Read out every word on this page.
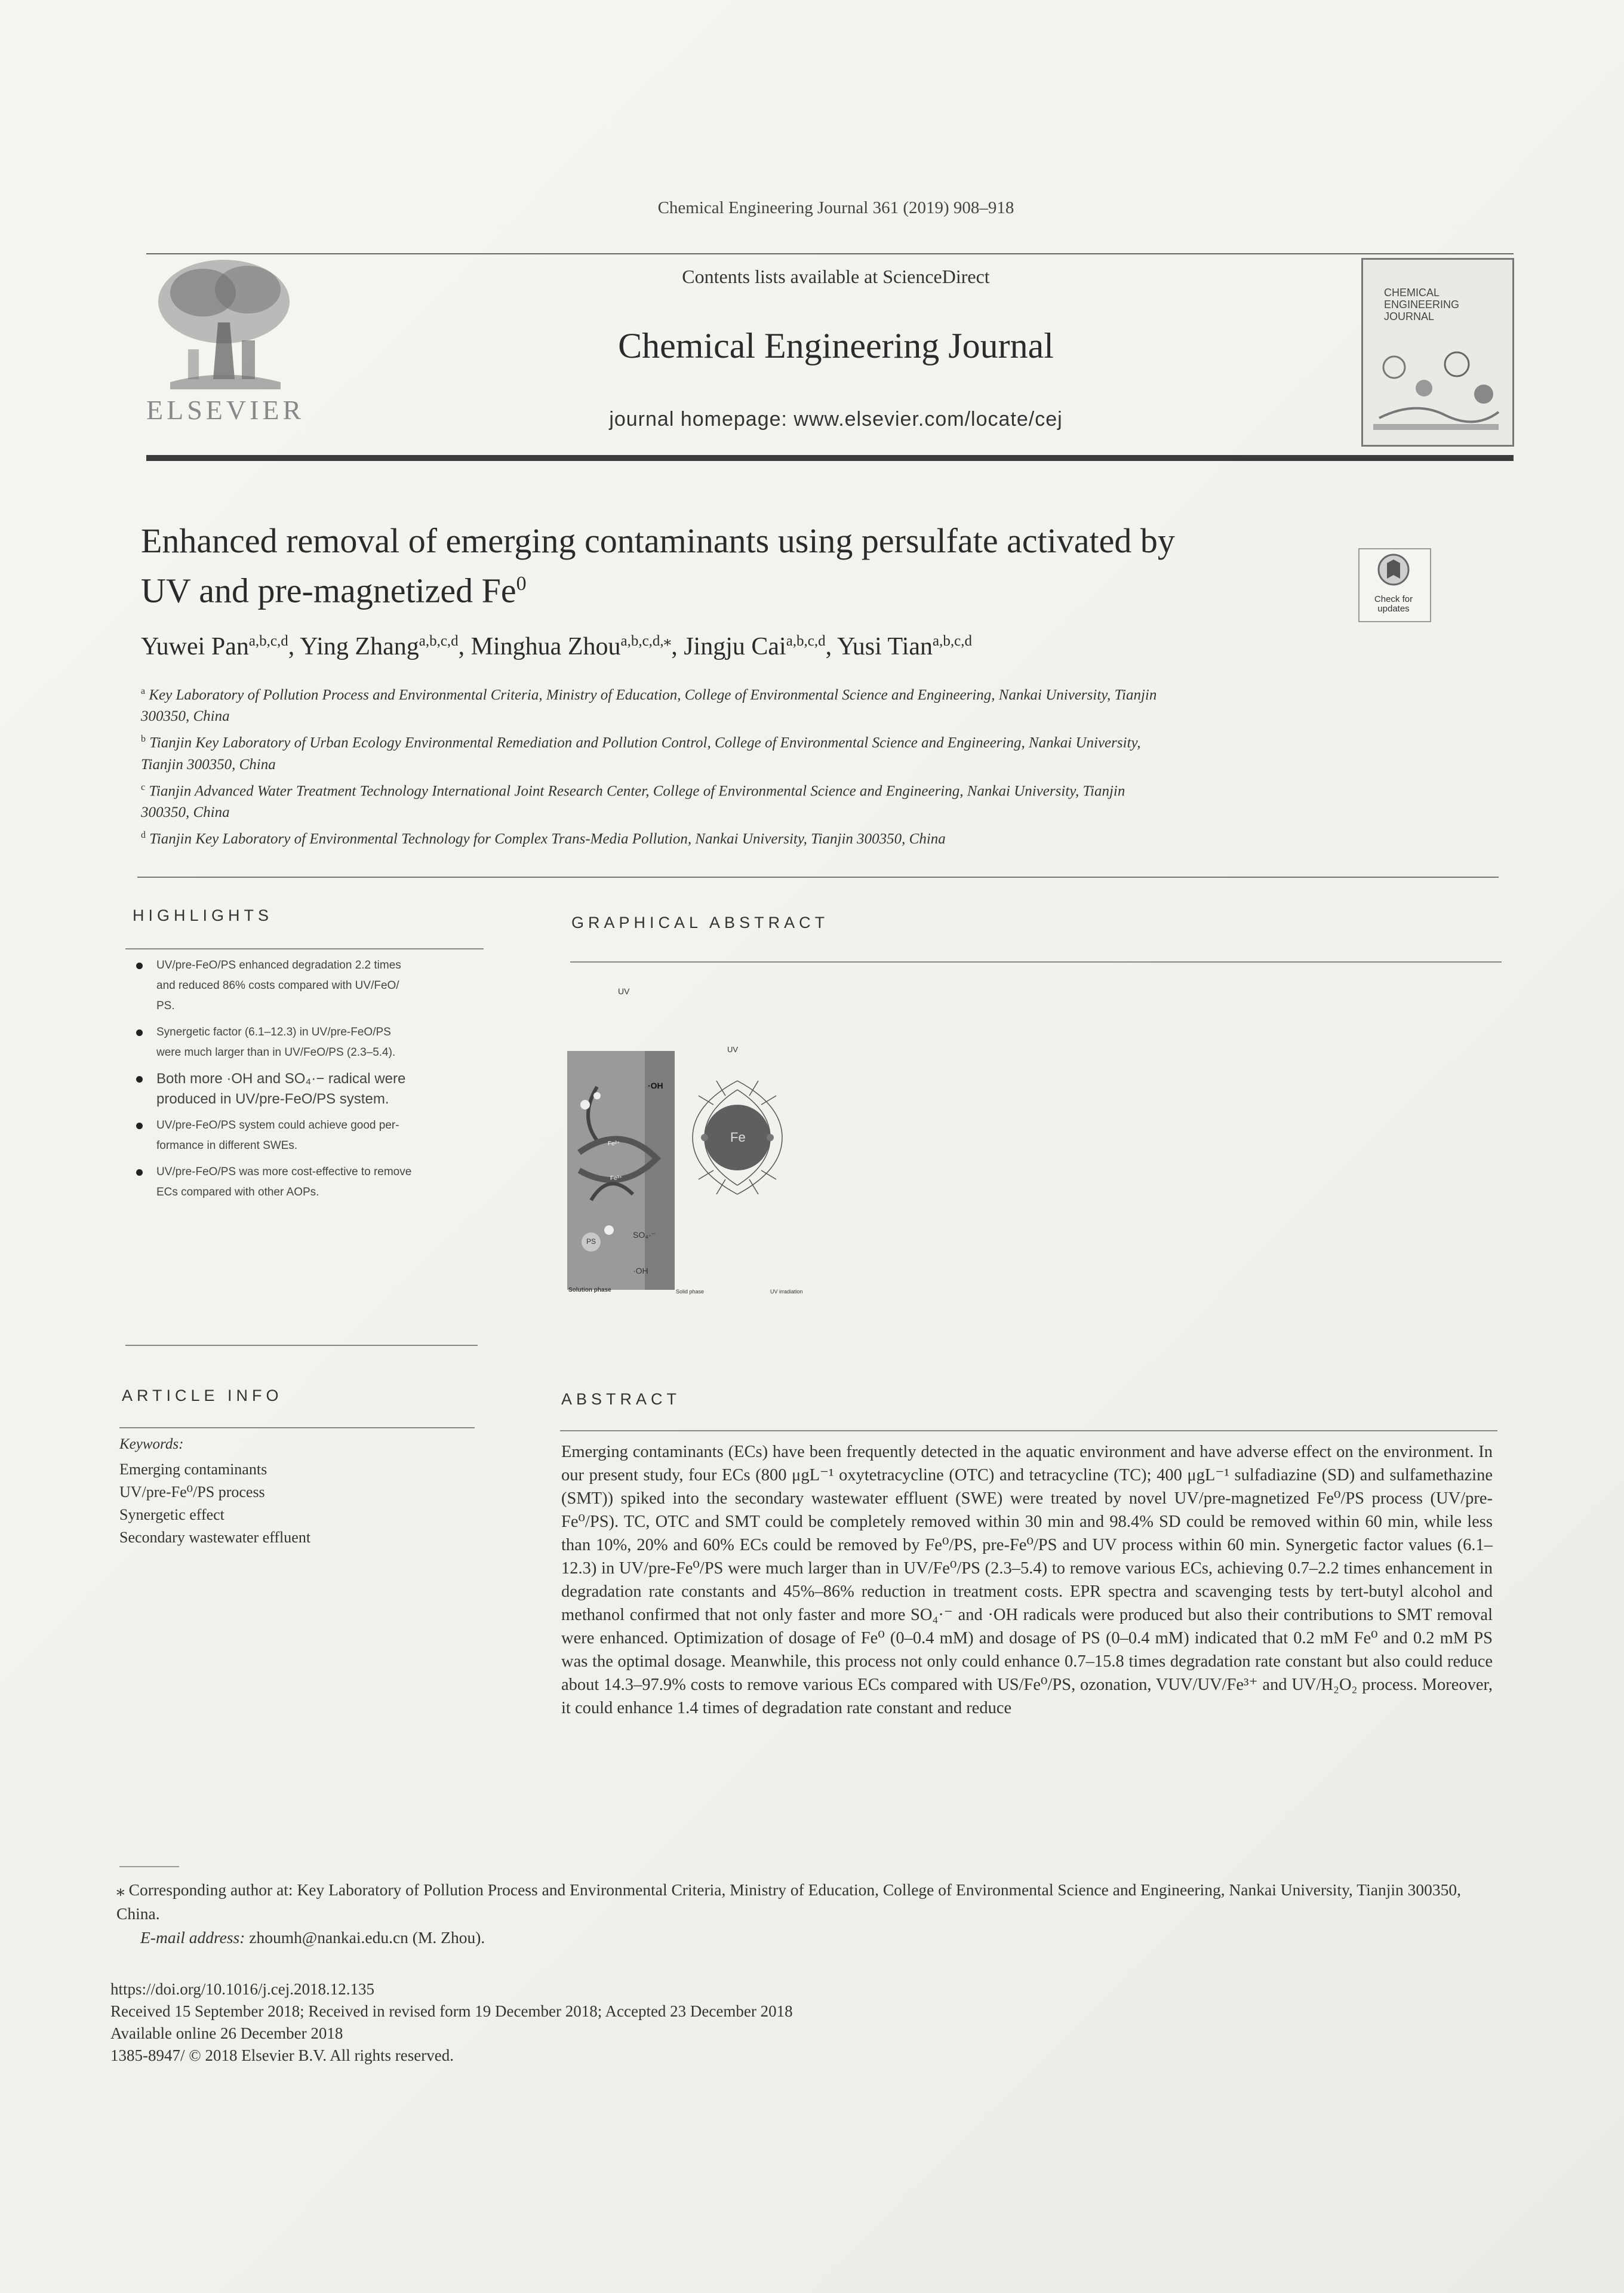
Chemical Engineering Journal 361 (2019) 908–918
ELSEVIER
Contents lists available at ScienceDirect
Chemical Engineering Journal
journal homepage: www.elsevier.com/locate/cej
CHEMICAL ENGINEERING JOURNAL
Enhanced removal of emerging contaminants using persulfate activated by
UV and pre-magnetized Fe$^0$
Check for updates
Yuwei Pan$^{a,b,c,d}$, Ying Zhang$^{a,b,c,d}$, Minghua Zhou$^{a,b,c,d,⁎}$, Jingju Cai$^{a,b,c,d}$, Yusi Tian$^{a,b,c,d}$
$^a$ Key Laboratory of Pollution Process and Environmental Criteria, Ministry of Education, College of Environmental Science and Engineering, Nankai University, Tianjin
300350, China
$^b$ Tianjin Key Laboratory of Urban Ecology Environmental Remediation and Pollution Control, College of Environmental Science and Engineering, Nankai University,
Tianjin 300350, China
$^c$ Tianjin Advanced Water Treatment Technology International Joint Research Center, College of Environmental Science and Engineering, Nankai University, Tianjin
300350, China
$^d$ Tianjin Key Laboratory of Environmental Technology for Complex Trans-Media Pollution, Nankai University, Tianjin 300350, China
HIGHLIGHTS
UV/pre-FeO/PS enhanced degradation 2.2 times
and reduced 86% costs compared with UV/FeO/
PS.
Synergetic factor (6.1–12.3) in UV/pre-FeO/PS
were much larger than in UV/FeO/PS (2.3–5.4).
Both more ·OH and SO₄·− radical were
produced in UV/pre-FeO/PS system.
UV/pre-FeO/PS system could achieve good per-
formance in different SWEs.
UV/pre-FeO/PS was more cost-effective to remove
ECs compared with other AOPs.
GRAPHICAL ABSTRACT
UV
·OH
Fe²⁺
Fe³⁺
PS
SO₄·⁻
·OH
UV
Fe
Solution phase	Solid phase	UV irradiation
ARTICLE INFO
Keywords:
Emerging contaminants
UV/pre-Fe⁰/PS process
Synergetic effect
Secondary wastewater effluent
ABSTRACT
Emerging contaminants (ECs) have been frequently detected in the aquatic environment and have adverse effect on the environment. In our present study, four ECs (800 μgL⁻¹ oxytetracycline (OTC) and tetracycline (TC); 400 μgL⁻¹ sulfadiazine (SD) and sulfamethazine (SMT)) spiked into the secondary wastewater effluent (SWE) were treated by novel UV/pre-magnetized Fe⁰/PS process (UV/pre-Fe⁰/PS). TC, OTC and SMT could be completely removed within 30 min and 98.4% SD could be removed within 60 min, while less than 10%, 20% and 60% ECs could be removed by Fe⁰/PS, pre-Fe⁰/PS and UV process within 60 min. Synergetic factor values (6.1–12.3) in UV/pre-Fe⁰/PS were much larger than in UV/Fe⁰/PS (2.3–5.4) to remove various ECs, achieving 0.7–2.2 times enhancement in degradation rate constants and 45%–86% reduction in treatment costs. EPR spectra and scavenging tests by tert-butyl alcohol and methanol confirmed that not only faster and more SO₄·⁻ and ·OH radicals were produced but also their contributions to SMT removal were enhanced. Optimization of dosage of Fe⁰ (0–0.4 mM) and dosage of PS (0–0.4 mM) indicated that 0.2 mM Fe⁰ and 0.2 mM PS was the optimal dosage. Meanwhile, this process not only could enhance 0.7–15.8 times degradation rate constant but also could reduce about 14.3–97.9% costs to remove various ECs compared with US/Fe⁰/PS, ozonation, VUV/UV/Fe³⁺ and UV/H₂O₂ process. Moreover, it could enhance 1.4 times of degradation rate constant and reduce
⁎ Corresponding author at: Key Laboratory of Pollution Process and Environmental Criteria, Ministry of Education, College of Environmental Science and Engineering, Nankai University, Tianjin 300350, China.
E-mail address: zhoumh@nankai.edu.cn (M. Zhou).
https://doi.org/10.1016/j.cej.2018.12.135
Received 15 September 2018; Received in revised form 19 December 2018; Accepted 23 December 2018
Available online 26 December 2018
1385-8947/ © 2018 Elsevier B.V. All rights reserved.
